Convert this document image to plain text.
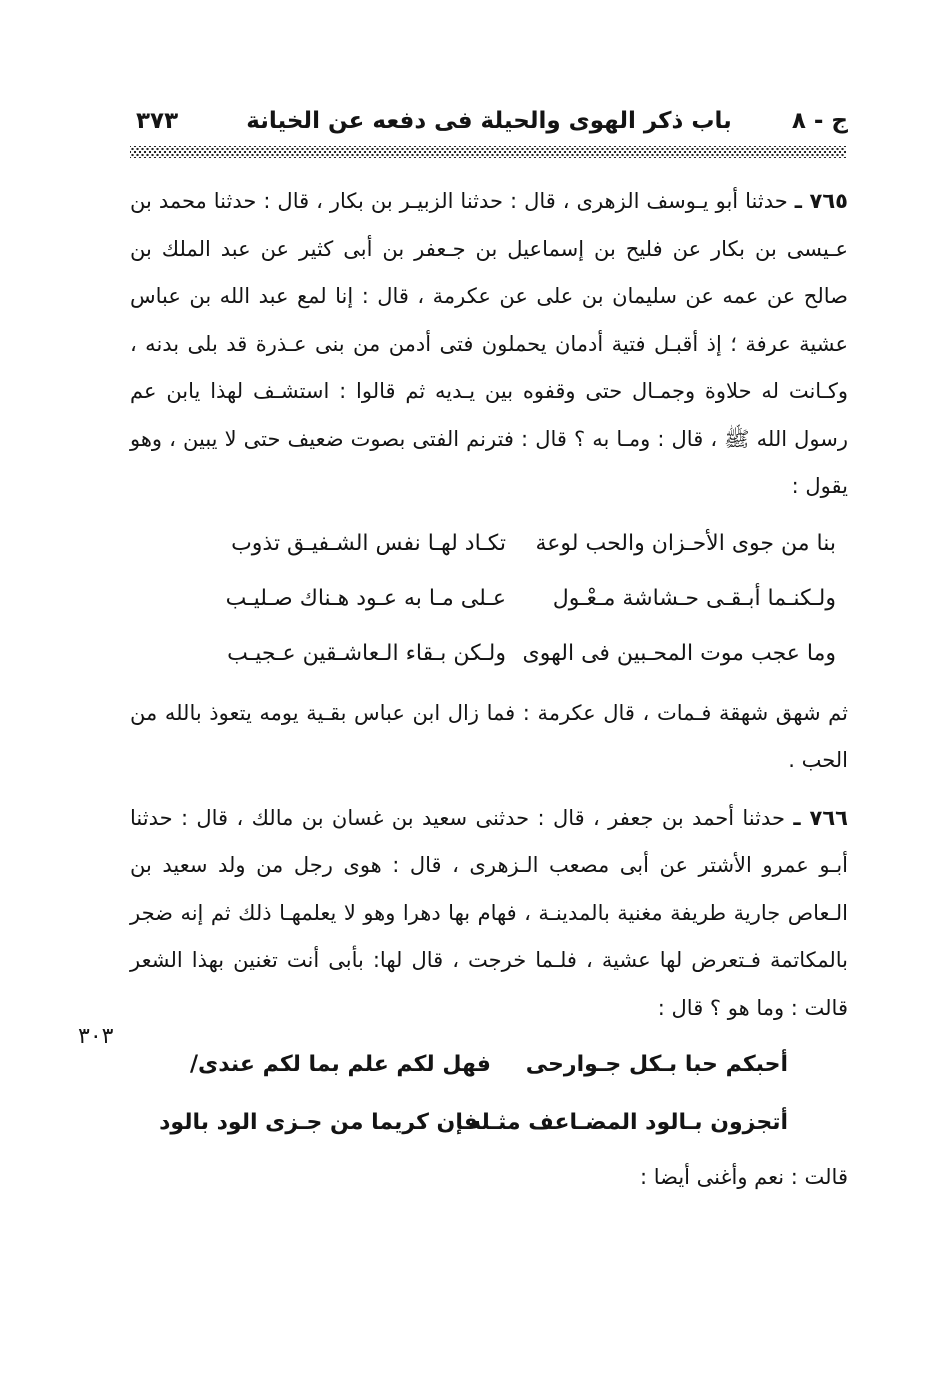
ج - ٨
باب ذكر الهوى والحيلة فى دفعه عن الخيانة
٣٧٣
٣٠٣

٧٦٥ ـ حدثنا أبو يـوسف الزهرى ، قال : حدثنا الزبيـر بن بكار ، قال : حدثنا محمد بن عـيسى بن بكار عن فليح بن إسماعيل بن جـعفر بن أبى كثير عن عبد الملك بن صالح عن عمه عن سليمان بن على عن عكرمة ، قال : إنا لمع عبد الله بن عباس عشية عرفة ؛ إذ أقبـل فتية أدمان يحملون فتى أدمن من بنى عـذرة قد بلى بدنه ، وكـانت له حلاوة وجمـال حتى وقفوه بين يـديه ثم قالوا : استشـف لهذا يابن عم رسول الله ﷺ ، قال : ومـا به ؟ قال : فترنم الفتى بصوت ضعيف حتى لا يبين ، وهو يقول :

بنا من جوى الأحـزان والحب لوعة
تكـاد لهـا نفس الشـفيـق تذوب
ولـكنـما أبـقـى حـشاشة مـعْـول
عـلى مـا به عـود هـناك صـليـب
وما عجب موت المحـبين فى الهوى
ولـكن بـقاء الـعاشـقين عـجيـب

ثم شهق شهقة فـمات ، قال عكرمة : فما زال ابن عباس بقـية يومه يتعوذ بالله من الحب .

٧٦٦ ـ حدثنا أحمد بن جعفر ، قال : حدثنى سعيد بن غسان بن مالك ، قال : حدثنا أبـو عمرو الأشتر عن أبى مصعب الـزهرى ، قال : هوى رجل من ولد سعيد بن الـعاص جارية طريفة مغنية بالمدينـة ، فهام بها دهرا وهو لا يعلمهـا ذلك ثم إنه ضجر بالمكاتمة فـتعرض لها عشية ، فلـما خرجت ، قال لها: بأبى أنت تغنين بهذا الشعر قالت : وما هو ؟ قال :

أحبكم حبا بـكل جـوارحى
فهل لكم علم بما لكم عندى/
أتجزون بـالود المضـاعف مثـله
فإن كريما من جـزى الود بالود

قالت : نعم وأغنى أيضا :
